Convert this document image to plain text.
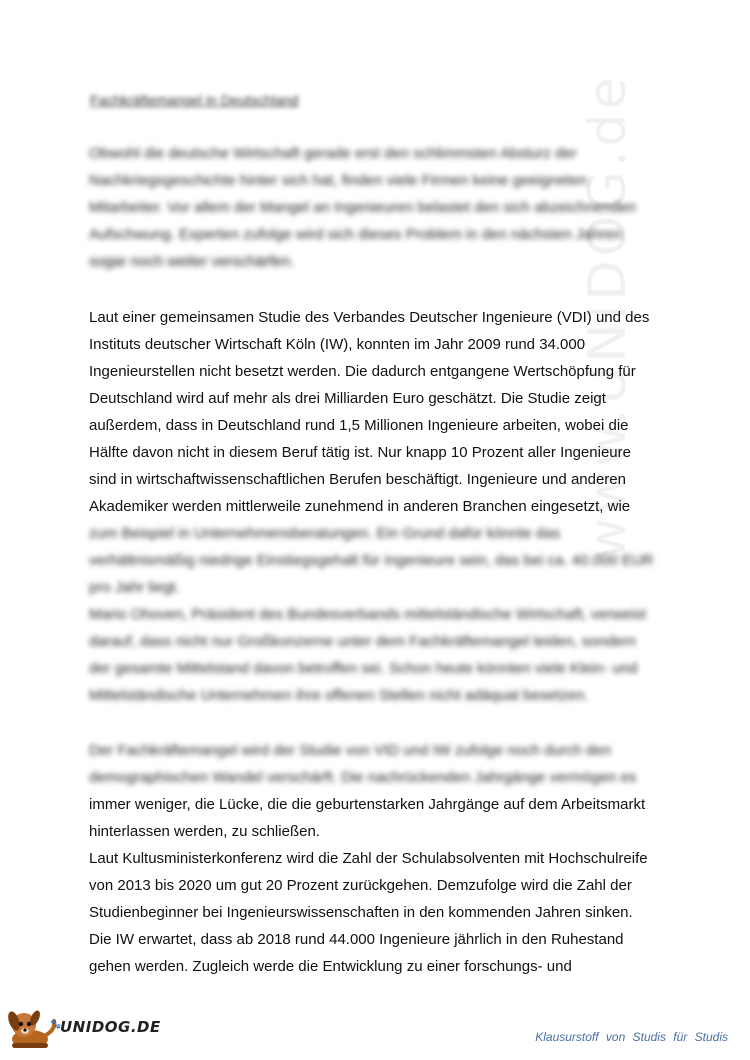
www.UNIDOG.de
Fachkräftemangel in Deutschland
Obwohl die deutsche Wirtschaft gerade erst den schlimmsten Absturz der
Nachkriegsgeschichte hinter sich hat, finden viele Firmen keine geeigneten
Mitarbeiter. Vor allem der Mangel an Ingenieuren belastet den sich abzeichnenden
Aufschwung. Experten zufolge wird sich dieses Problem in den nächsten Jahren
sogar noch weiter verschärfen.
Laut einer gemeinsamen Studie des Verbandes Deutscher Ingenieure (VDI) und des
Instituts deutscher Wirtschaft Köln (IW), konnten im Jahr 2009 rund 34.000
Ingenieurstellen nicht besetzt werden. Die dadurch entgangene Wertschöpfung für
Deutschland wird auf mehr als drei Milliarden Euro geschätzt. Die Studie zeigt
außerdem, dass in Deutschland rund 1,5 Millionen Ingenieure arbeiten, wobei die
Hälfte davon nicht in diesem Beruf tätig ist. Nur knapp 10 Prozent aller Ingenieure
sind in wirtschaftwissenschaftlichen Berufen beschäftigt. Ingenieure und anderen
Akademiker werden mittlerweile zunehmend in anderen Branchen eingesetzt, wie
zum Beispiel in Unternehmensberatungen. Ein Grund dafür könnte das
verhältnismäßig niedrige Einstiegsgehalt für Ingenieure sein, das bei ca. 40.000 EUR
pro Jahr liegt.
Mario Ohoven, Präsident des Bundesverbands mittelständische Wirtschaft, verweist
darauf, dass nicht nur Großkonzerne unter dem Fachkräftemangel leiden, sondern
der gesamte Mittelstand davon betroffen sei. Schon heute könnten viele Klein- und
Mittelständische Unternehmen ihre offenen Stellen nicht adäquat besetzen.
Der Fachkräftemangel wird der Studie von VID und IW zufolge noch durch den
demographischen Wandel verschärft. Die nachrückenden Jahrgänge vermögen es
immer weniger, die Lücke, die die geburtenstarken Jahrgänge auf dem Arbeitsmarkt
hinterlassen werden, zu schließen.
Laut Kultusministerkonferenz wird die Zahl der Schulabsolventen mit Hochschulreife
von 2013 bis 2020 um gut 20 Prozent zurückgehen. Demzufolge wird die Zahl der
Studienbeginner bei Ingenieurswissenschaften in den kommenden Jahren sinken.
Die IW erwartet, dass ab 2018 rund 44.000 Ingenieure jährlich in den Ruhestand
gehen werden. Zugleich werde die Entwicklung zu einer forschungs- und
🐾
UNIDOG.DE
Klausurstoff von Studis für Studis
